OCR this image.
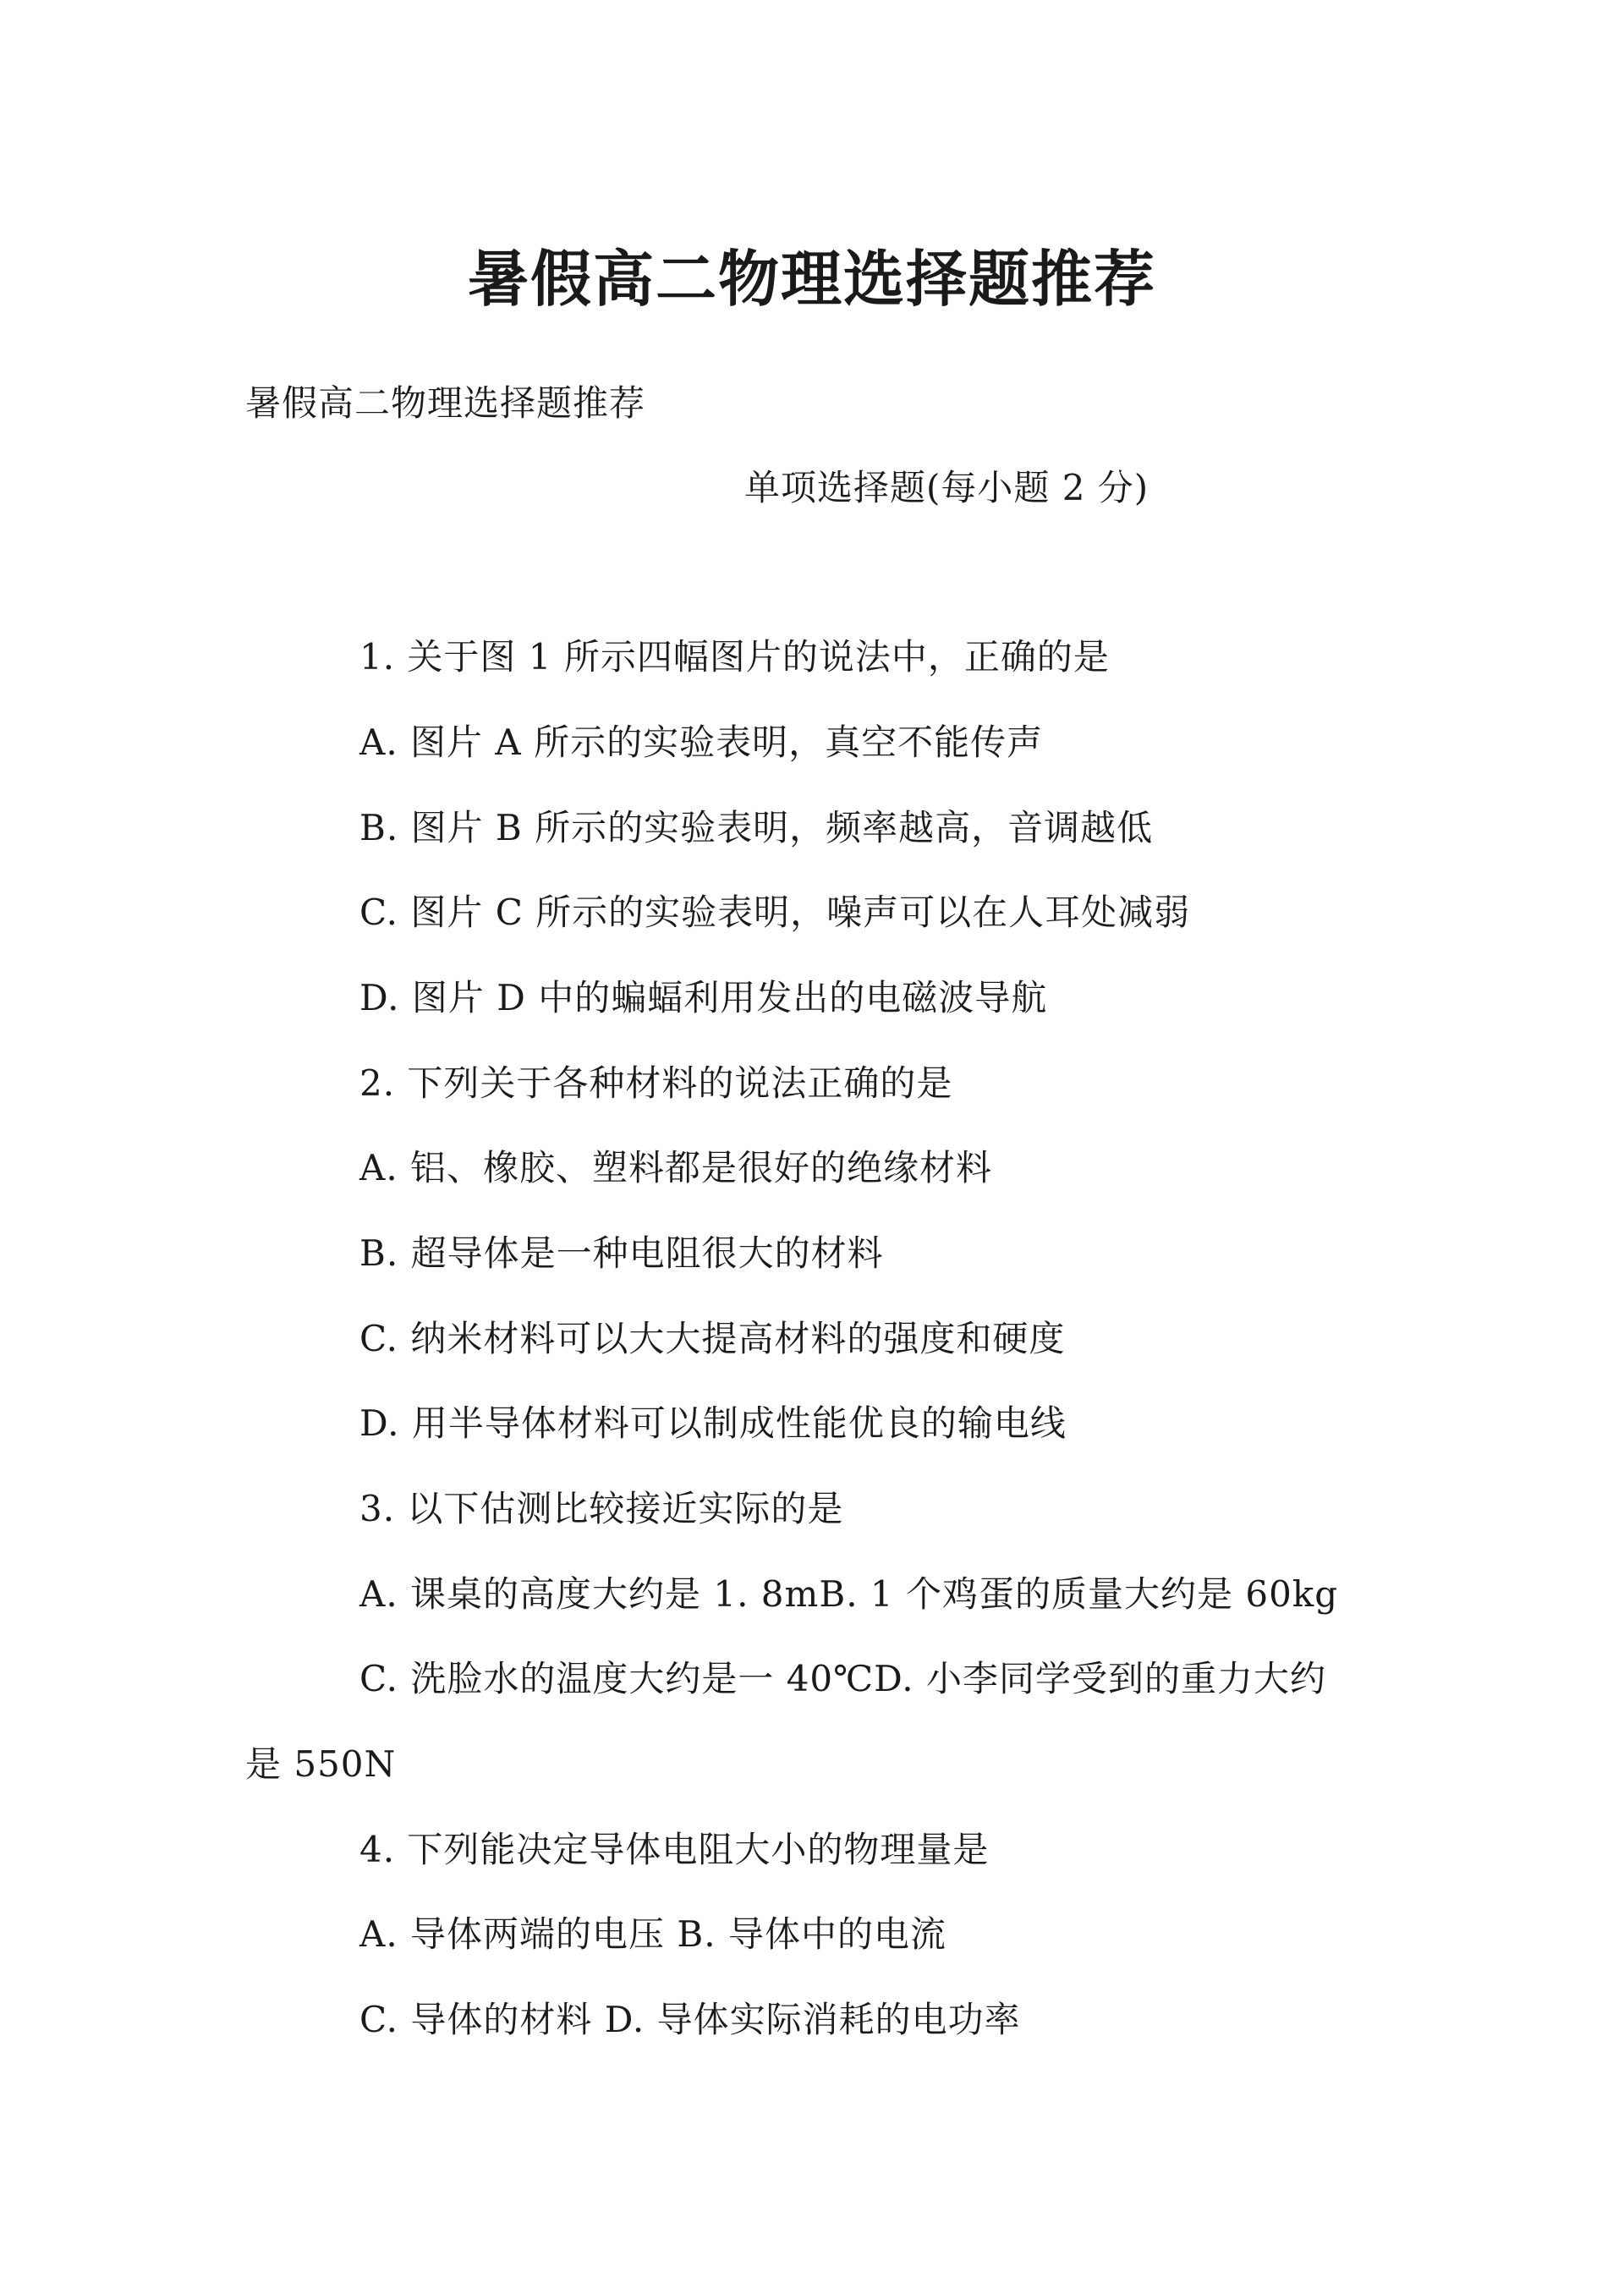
暑假高二物理选择题推荐
暑假高二物理选择题推荐
单项选择题(每小题 2 分)
1. 关于图 1 所示四幅图片的说法中，正确的是
A. 图片 A 所示的实验表明，真空不能传声
B. 图片 B 所示的实验表明，频率越高，音调越低
C. 图片 C 所示的实验表明，噪声可以在人耳处减弱
D. 图片 D 中的蝙蝠利用发出的电磁波导航
2. 下列关于各种材料的说法正确的是
A. 铝、橡胶、塑料都是很好的绝缘材料
B. 超导体是一种电阻很大的材料
C. 纳米材料可以大大提高材料的强度和硬度
D. 用半导体材料可以制成性能优良的输电线
3. 以下估测比较接近实际的是
A. 课桌的高度大约是 1. 8mB. 1 个鸡蛋的质量大约是 60kg
C. 洗脸水的温度大约是一 40℃D. 小李同学受到的重力大约
是 550N
4. 下列能决定导体电阻大小的物理量是
A. 导体两端的电压 B. 导体中的电流
C. 导体的材料 D. 导体实际消耗的电功率
